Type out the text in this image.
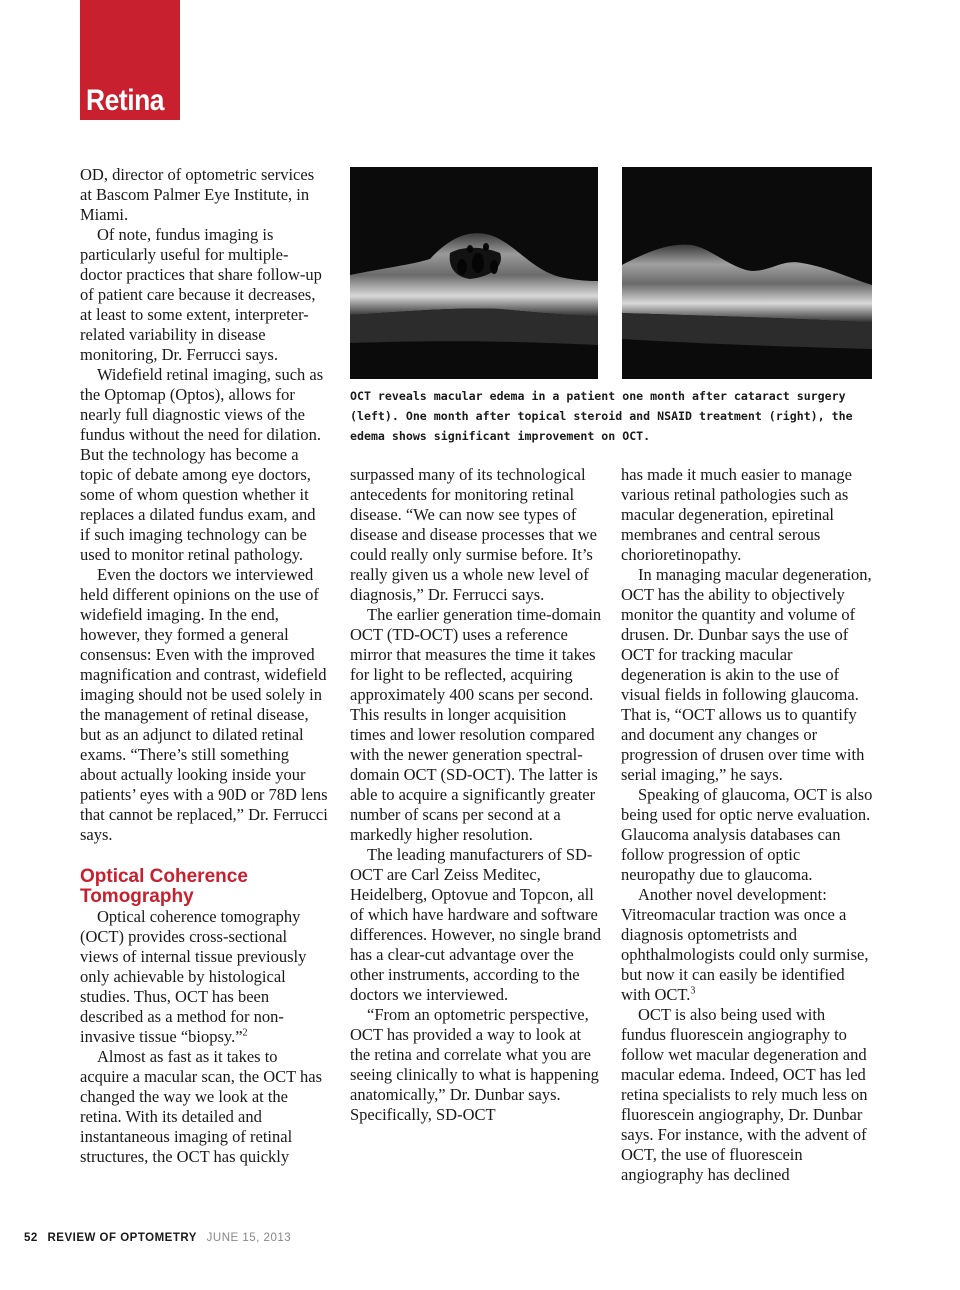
Retina

OD, director of optometric services at Bascom Palmer Eye Institute, in Miami.

Of note, fundus imaging is particularly useful for multiple-doctor practices that share follow-up of patient care because it decreases, at least to some extent, interpreter-related variability in disease monitoring, Dr. Ferrucci says.

Widefield retinal imaging, such as the Optomap (Optos), allows for nearly full diagnostic views of the fundus without the need for dilation. But the technology has become a topic of debate among eye doctors, some of whom question whether it replaces a dilated fundus exam, and if such imaging technology can be used to monitor retinal pathology.

Even the doctors we interviewed held different opinions on the use of widefield imaging. In the end, however, they formed a general consensus: Even with the improved magnification and contrast, widefield imaging should not be used solely in the management of retinal disease, but as an adjunct to dilated retinal exams. “There’s still something about actually looking inside your patients’ eyes with a 90D or 78D lens that cannot be replaced,” Dr. Ferrucci says.

Optical Coherence Tomography

Optical coherence tomography (OCT) provides cross-sectional views of internal tissue previously only achievable by histological studies. Thus, OCT has been described as a method for non-invasive tissue “biopsy.”$^2$

Almost as fast as it takes to acquire a macular scan, the OCT has changed the way we look at the retina. With its detailed and instantaneous imaging of retinal structures, the OCT has quickly

OCT reveals macular edema in a patient one month after cataract surgery (left). One month after topical steroid and NSAID treatment (right), the edema shows significant improvement on OCT.

surpassed many of its technological antecedents for monitoring retinal disease. “We can now see types of disease and disease processes that we could really only surmise before. It’s really given us a whole new level of diagnosis,” Dr. Ferrucci says.

The earlier generation time-domain OCT (TD-OCT) uses a reference mirror that measures the time it takes for light to be reflected, acquiring approximately 400 scans per second. This results in longer acquisition times and lower resolution compared with the newer generation spectral-domain OCT (SD-OCT). The latter is able to acquire a significantly greater number of scans per second at a markedly higher resolution.

The leading manufacturers of SD-OCT are Carl Zeiss Meditec, Heidelberg, Optovue and Topcon, all of which have hardware and software differences. However, no single brand has a clear-cut advantage over the other instruments, according to the doctors we interviewed.

“From an optometric perspective, OCT has provided a way to look at the retina and correlate what you are seeing clinically to what is happening anatomically,” Dr. Dunbar says. Specifically, SD-OCT

has made it much easier to manage various retinal pathologies such as macular degeneration, epiretinal membranes and central serous chorioretinopathy.

In managing macular degeneration, OCT has the ability to objectively monitor the quantity and volume of drusen. Dr. Dunbar says the use of OCT for tracking macular degeneration is akin to the use of visual fields in following glaucoma. That is, “OCT allows us to quantify and document any changes or progression of drusen over time with serial imaging,” he says.

Speaking of glaucoma, OCT is also being used for optic nerve evaluation. Glaucoma analysis databases can follow progression of optic neuropathy due to glaucoma.

Another novel development: Vitreomacular traction was once a diagnosis optometrists and ophthalmologists could only surmise, but now it can easily be identified with OCT.$^3$

OCT is also being used with fundus fluorescein angiography to follow wet macular degeneration and macular edema. Indeed, OCT has led retina specialists to rely much less on fluorescein angiography, Dr. Dunbar says. For instance, with the advent of OCT, the use of fluorescein angiography has declined

52 REVIEW OF OPTOMETRY JUNE 15, 2013
